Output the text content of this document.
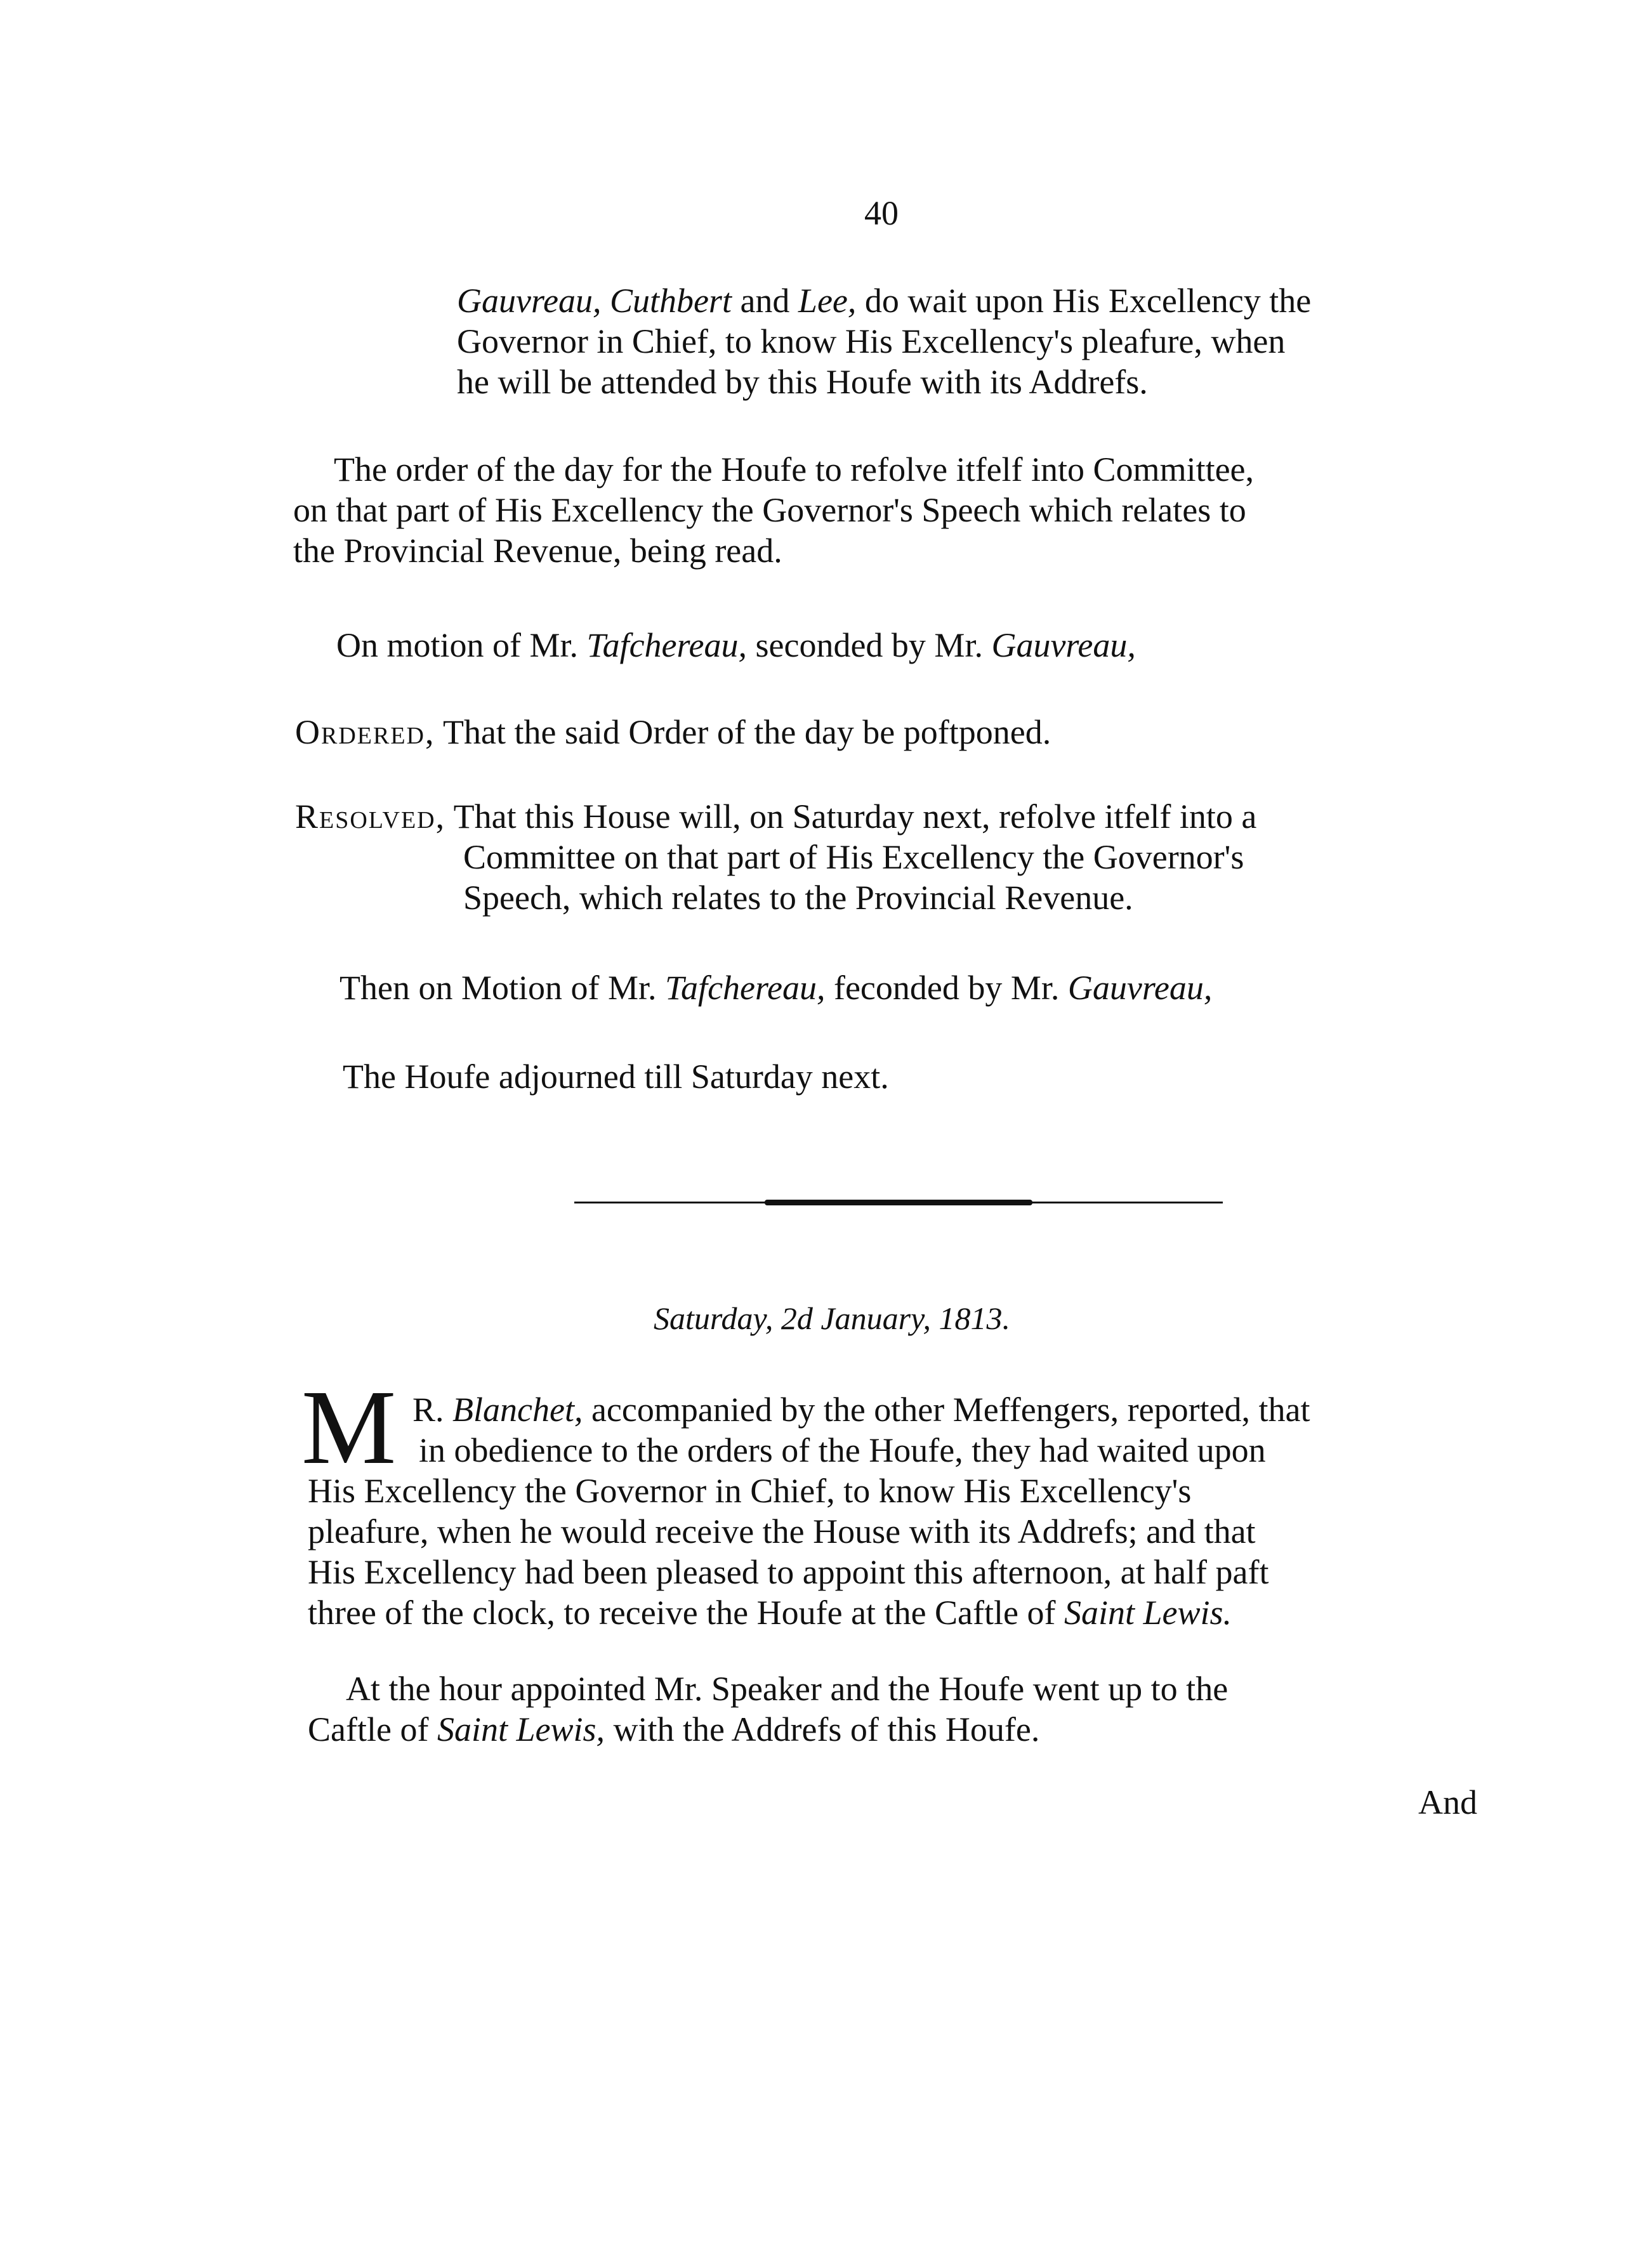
40
Gauvreau, Cuthbert and Lee, do wait upon His Excellency the
Governor in Chief, to know His Excellency's pleafure, when
he will be attended by this Houfe with its Addrefs.
The order of the day for the Houfe to refolve itfelf into Committee,
on that part of His Excellency the Governor's Speech which relates to
the Provincial Revenue, being read.
On motion of Mr. Tafchereau, seconded by Mr. Gauvreau,
Ordered, That the said Order of the day be poftponed.
Resolved, That this House will, on Saturday next, refolve itfelf into a
Committee on that part of His Excellency the Governor's
Speech, which relates to the Provincial Revenue.
Then on Motion of Mr. Tafchereau, feconded by Mr. Gauvreau,
The Houfe adjourned till Saturday next.
Saturday, 2d January, 1813.
M R. Blanchet, accompanied by the other Meffengers, reported, that
in obedience to the orders of the Houfe, they had waited upon
His Excellency the Governor in Chief, to know His Excellency's
pleafure, when he would receive the House with its Addrefs; and that
His Excellency had been pleased to appoint this afternoon, at half paft
three of the clock, to receive the Houfe at the Caftle of Saint Lewis.
At the hour appointed Mr. Speaker and the Houfe went up to the
Caftle of Saint Lewis, with the Addrefs of this Houfe.
And
